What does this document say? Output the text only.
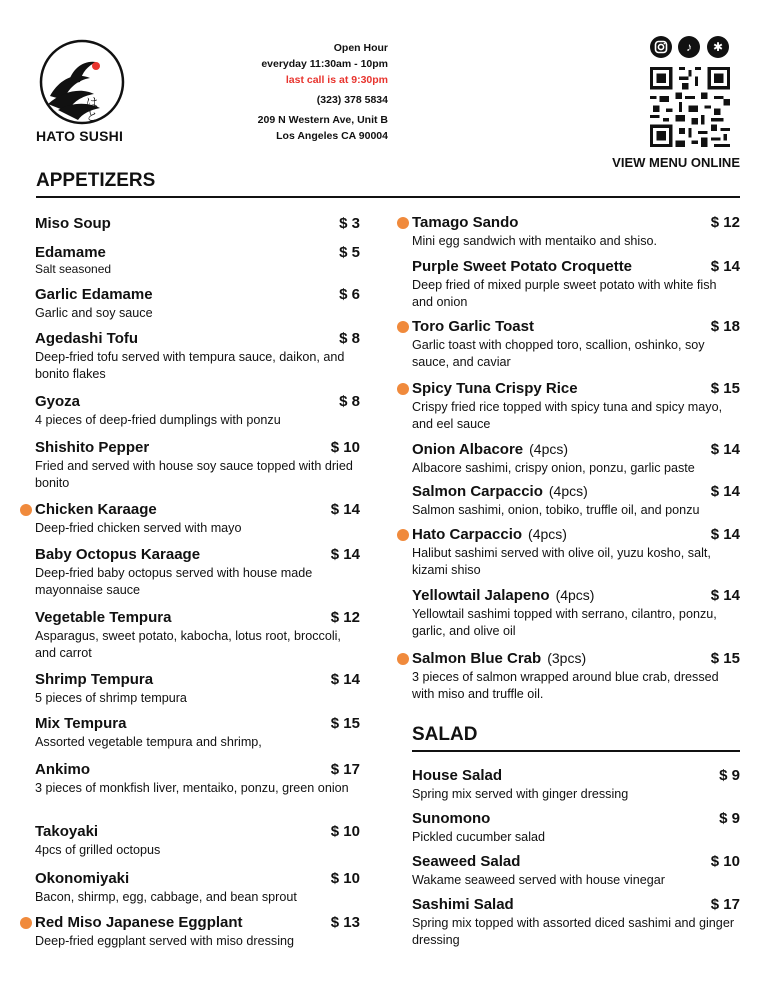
はと
HATO SUSHI
Open Hour
everyday 11:30am - 10pm
last call is at 9:30pm
(323) 378 5834
209 N Western Ave, Unit B
Los Angeles CA 90004
♪	✱
VIEW MENU ONLINE
APPETIZERS
Miso Soup	$ 3
Edamame
Salt seasoned
$ 5
Garlic Edamame
Garlic and soy sauce
$ 6
Agedashi Tofu
Deep-fried tofu served with tempura sauce, daikon, and bonito flakes
$ 8
Gyoza
4 pieces of deep-fried dumplings with ponzu
$ 8
Shishito Pepper
Fried and served with house soy sauce topped with dried bonito
$ 10
Chicken Karaage
Deep-fried chicken served with mayo
$ 14
Baby Octopus Karaage
Deep-fried baby octopus served with house made mayonnaise sauce
$ 14
Vegetable Tempura
Asparagus, sweet potato, kabocha, lotus root, broccoli, and carrot
$ 12
Shrimp Tempura
5 pieces of shrimp tempura
$ 14
Mix Tempura
Assorted vegetable tempura and shrimp,
$ 15
Ankimo
3 pieces of monkfish liver, mentaiko, ponzu, green onion
$ 17
Takoyaki
4pcs of grilled octopus
$ 10
Okonomiyaki
Bacon, shirmp, egg, cabbage, and bean sprout
$ 10
Red Miso Japanese Eggplant
Deep-fried eggplant served with miso dressing
$ 13
Tamago Sando
Mini egg sandwich with mentaiko and shiso.
$ 12
Purple Sweet Potato Croquette
Deep fried of mixed purple sweet potato with white fish and onion
$ 14
Toro Garlic Toast
Garlic toast with chopped toro, scallion, oshinko, soy sauce, and caviar
$ 18
Spicy Tuna Crispy Rice
Crispy fried rice topped with spicy tuna and spicy mayo, and eel sauce
$ 15
Onion Albacore (4pcs)
Albacore sashimi, crispy onion, ponzu, garlic paste
$ 14
Salmon Carpaccio (4pcs)
Salmon sashimi, onion, tobiko, truffle oil, and ponzu
$ 14
Hato Carpaccio (4pcs)
Halibut sashimi served with olive oil, yuzu kosho, salt, kizami shiso
$ 14
Yellowtail Jalapeno (4pcs)
Yellowtail sashimi topped with serrano, cilantro, ponzu, garlic, and olive oil
$ 14
Salmon Blue Crab (3pcs)
3 pieces of salmon wrapped around blue crab, dressed with miso and truffle oil.
$ 15
SALAD
House Salad
Spring mix served with ginger dressing
$ 9
Sunomono
Pickled cucumber salad
$ 9
Seaweed Salad
Wakame seaweed served with house vinegar
$ 10
Sashimi Salad
Spring mix topped with assorted diced sashimi and ginger dressing
$ 17
